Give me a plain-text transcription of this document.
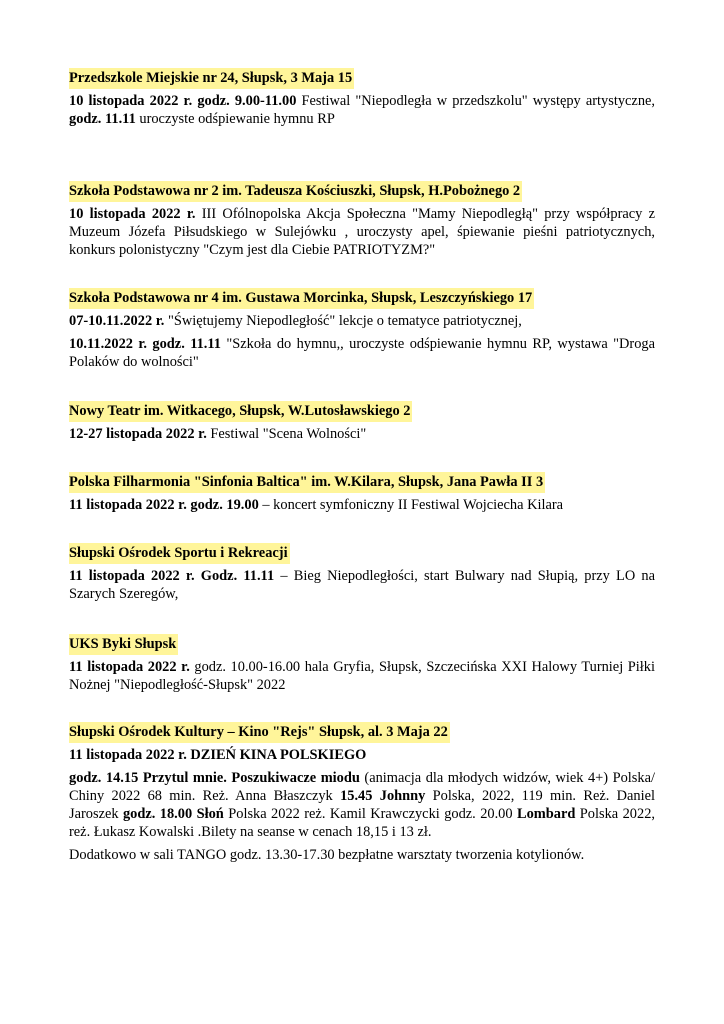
Przedszkole Miejskie nr 24, Słupsk, 3 Maja 15

10 listopada 2022 r. godz. 9.00-11.00 Festiwal "Niepodległa w przedszkolu" występy artystyczne, godz. 11.11 uroczyste odśpiewanie hymnu RP

Szkoła Podstawowa nr 2 im. Tadeusza Kościuszki, Słupsk, H.Pobożnego 2

10 listopada 2022 r. III Ofólnopolska Akcja Społeczna "Mamy Niepodległą" przy współpracy z Muzeum Józefa Piłsudskiego w Sulejówku , uroczysty apel, śpiewanie pieśni patriotycznych, konkurs polonistyczny "Czym jest dla Ciebie PATRIOTYZM?"

Szkoła Podstawowa nr 4 im. Gustawa Morcinka, Słupsk, Leszczyńskiego 17

07-10.11.2022 r. "Świętujemy Niepodległość" lekcje o tematyce patriotycznej,

10.11.2022 r. godz. 11.11 "Szkoła do hymnu,, uroczyste odśpiewanie hymnu RP, wystawa "Droga Polaków do wolności"

Nowy Teatr im. Witkacego, Słupsk, W.Lutosławskiego 2

12-27 listopada 2022 r. Festiwal "Scena Wolności"

Polska Filharmonia "Sinfonia Baltica" im. W.Kilara, Słupsk, Jana Pawła II 3

11 listopada 2022 r. godz. 19.00 – koncert symfoniczny II Festiwal Wojciecha Kilara

Słupski Ośrodek Sportu i Rekreacji

11 listopada 2022 r. Godz. 11.11 – Bieg Niepodległości, start Bulwary nad Słupią, przy LO na Szarych Szeregów,

UKS Byki Słupsk

11 listopada 2022 r. godz. 10.00-16.00 hala Gryfia, Słupsk, Szczecińska XXI Halowy Turniej Piłki Nożnej "Niepodległość-Słupsk" 2022

Słupski Ośrodek Kultury – Kino "Rejs" Słupsk, al. 3 Maja 22

11 listopada 2022 r. DZIEŃ KINA POLSKIEGO

godz. 14.15 Przytul mnie. Poszukiwacze miodu (animacja dla młodych widzów, wiek 4+) Polska/ Chiny 2022 68 min. Reż. Anna Błaszczyk 15.45 Johnny Polska, 2022, 119 min. Reż. Daniel Jaroszek godz. 18.00 Słoń Polska 2022 reż. Kamil Krawczycki godz. 20.00 Lombard Polska 2022, reż. Łukasz Kowalski .Bilety na seanse w cenach 18,15 i 13 zł.

Dodatkowo w sali TANGO godz. 13.30-17.30 bezpłatne warsztaty tworzenia kotylionów.
